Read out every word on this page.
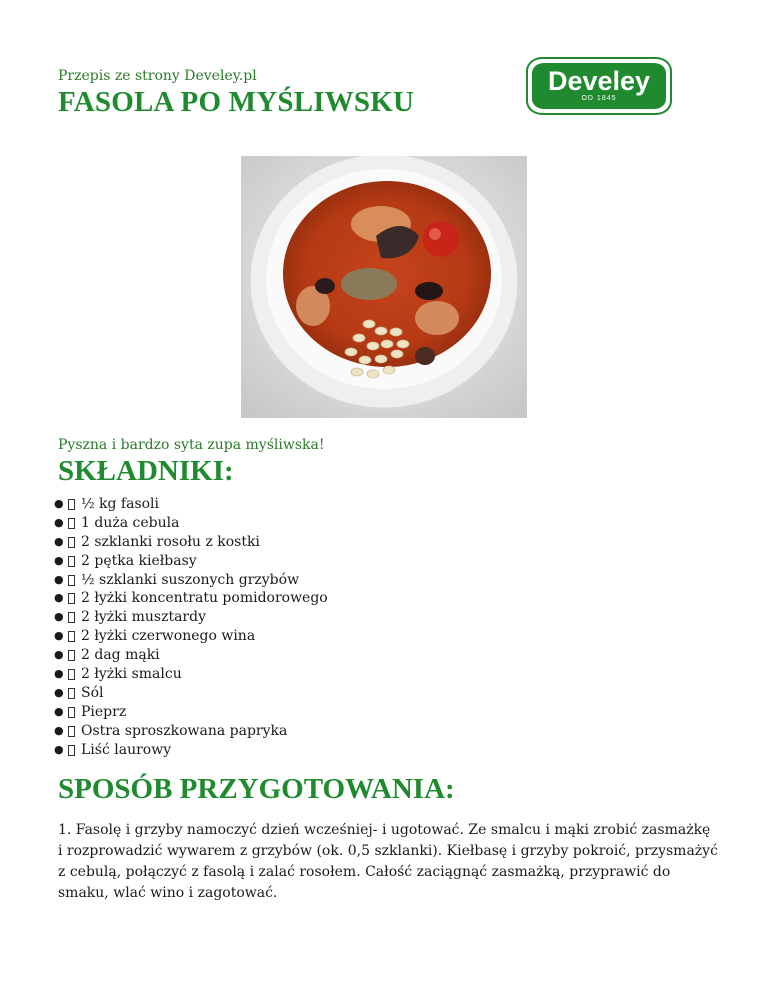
Przepis ze strony Develey.pl

FASOLA PO MYŚLIWSKU
Develey
OD 1845

Pyszna i bardzo syta zupa myśliwska!

SKŁADNIKI:
●	½ kg fasoli
●	1 duża cebula
●	2 szklanki rosołu z kostki
●	2 pętka kiełbasy
●	½ szklanki suszonych grzybów
●	2 łyżki koncentratu pomidorowego
●	2 łyżki musztardy
●	2 łyżki czerwonego wina
●	2 dag mąki
●	2 łyżki smalcu
●	Sól
●	Pieprz
●	Ostra sproszkowana papryka
●	Liść laurowy
SPOSÓB PRZYGOTOWANIA:

1. Fasolę i grzyby namoczyć dzień wcześniej- i ugotować. Ze smalcu i mąki zrobić zasmażkę i rozprowadzić wywarem z grzybów (ok. 0,5 szklanki). Kiełbasę i grzyby pokroić, przysmażyć z cebulą, połączyć z fasolą i zalać rosołem. Całość zaciągnąć zasmażką, przyprawić do smaku, wlać wino i zagotować.
